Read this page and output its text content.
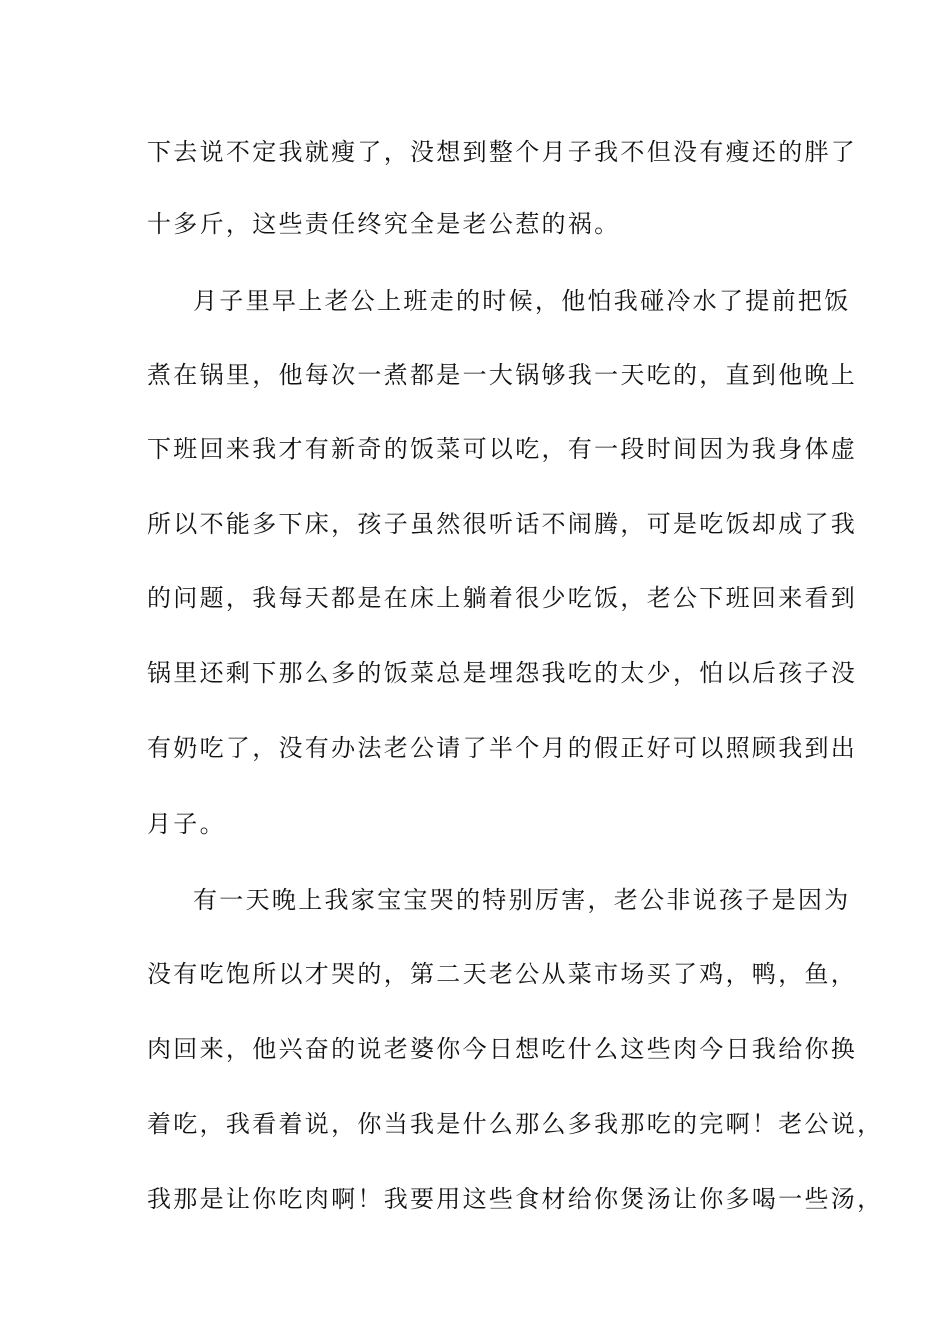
下去说不定我就瘦了，没想到整个月子我不但没有瘦还的胖了
十多斤，这些责任终究全是老公惹的祸。
月子里早上老公上班走的时候，他怕我碰冷水了提前把饭
煮在锅里，他每次一煮都是一大锅够我一天吃的，直到他晚上
下班回来我才有新奇的饭菜可以吃，有一段时间因为我身体虚
所以不能多下床，孩子虽然很听话不闹腾，可是吃饭却成了我
的问题，我每天都是在床上躺着很少吃饭，老公下班回来看到
锅里还剩下那么多的饭菜总是埋怨我吃的太少，怕以后孩子没
有奶吃了，没有办法老公请了半个月的假正好可以照顾我到出
月子。
有一天晚上我家宝宝哭的特别厉害，老公非说孩子是因为
没有吃饱所以才哭的，第二天老公从菜市场买了鸡，鸭，鱼，
肉回来，他兴奋的说老婆你今日想吃什么这些肉今日我给你换
着吃，我看着说，你当我是什么那么多我那吃的完啊！老公说，
我那是让你吃肉啊！我要用这些食材给你煲汤让你多喝一些汤，
